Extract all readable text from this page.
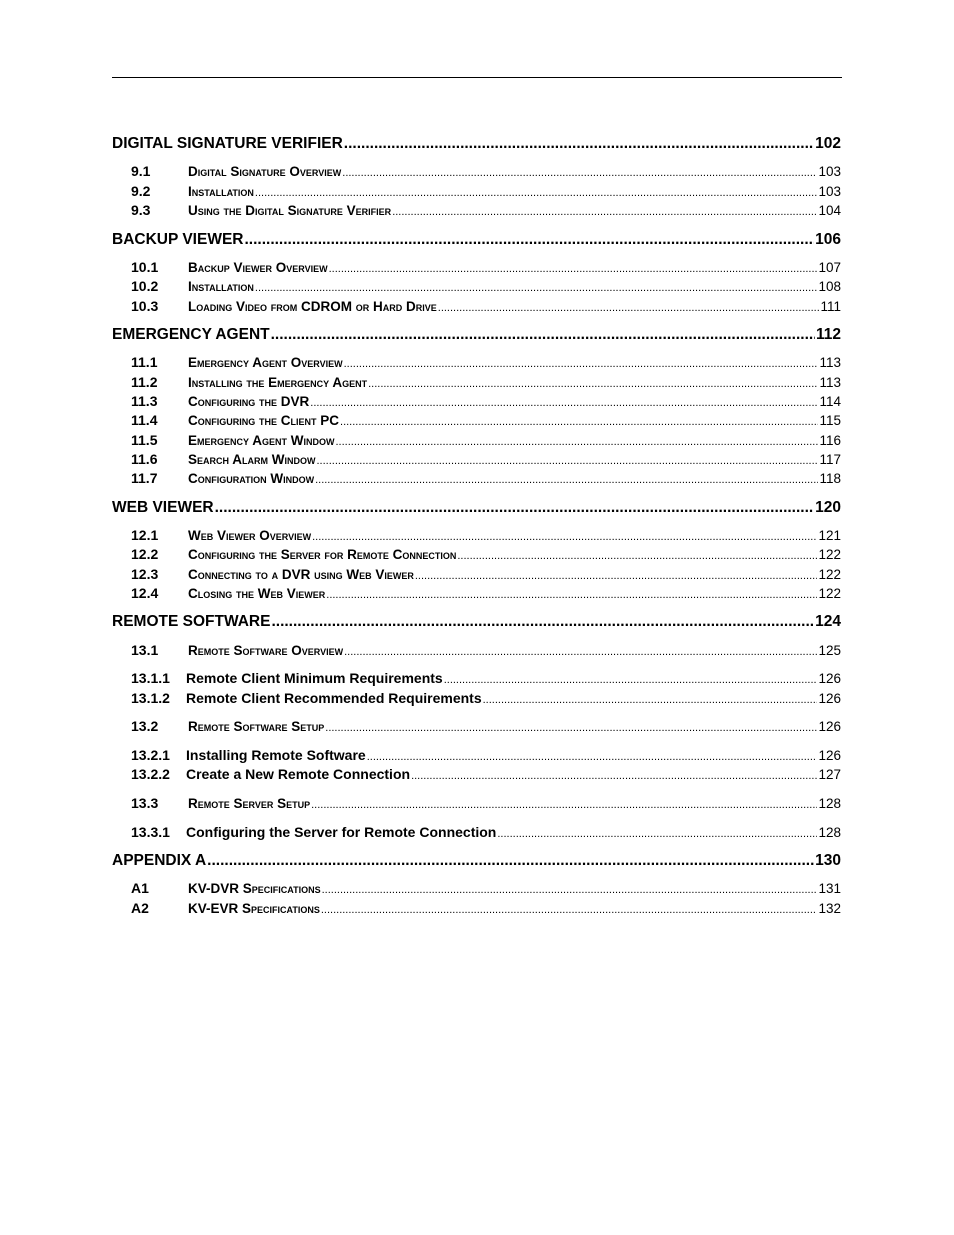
DIGITAL SIGNATURE VERIFIER .....	102
9.1	Digital Signature Overview .....	103
9.2	Installation .....	103
9.3	Using the Digital Signature Verifier .....	104
BACKUP VIEWER .....	106
10.1	Backup Viewer Overview .....	107
10.2	Installation .....	108
10.3	Loading Video from CDROM or Hard Drive .....	111
EMERGENCY AGENT .....	112
11.1	Emergency Agent Overview .....	113
11.2	Installing the Emergency Agent .....	113
11.3	Configuring the DVR .....	114
11.4	Configuring the Client PC .....	115
11.5	Emergency Agent Window .....	116
11.6	Search Alarm Window .....	117
11.7	Configuration Window .....	118
WEB VIEWER .....	120
12.1	Web Viewer Overview .....	121
12.2	Configuring the Server for Remote Connection .....	122
12.3	Connecting to a DVR using Web Viewer .....	122
12.4	Closing the Web Viewer .....	122
REMOTE SOFTWARE .....	124
13.1	Remote Software Overview .....	125
13.1.1	Remote Client Minimum Requirements .....	126
13.1.2	Remote Client Recommended Requirements .....	126
13.2	Remote Software Setup .....	126
13.2.1	Installing Remote Software .....	126
13.2.2	Create a New Remote Connection .....	127
13.3	Remote Server Setup .....	128
13.3.1	Configuring the Server for Remote Connection .....	128
APPENDIX A .....	130
A1	KV-DVR Specifications .....	131
A2	KV-EVR Specifications .....	132
